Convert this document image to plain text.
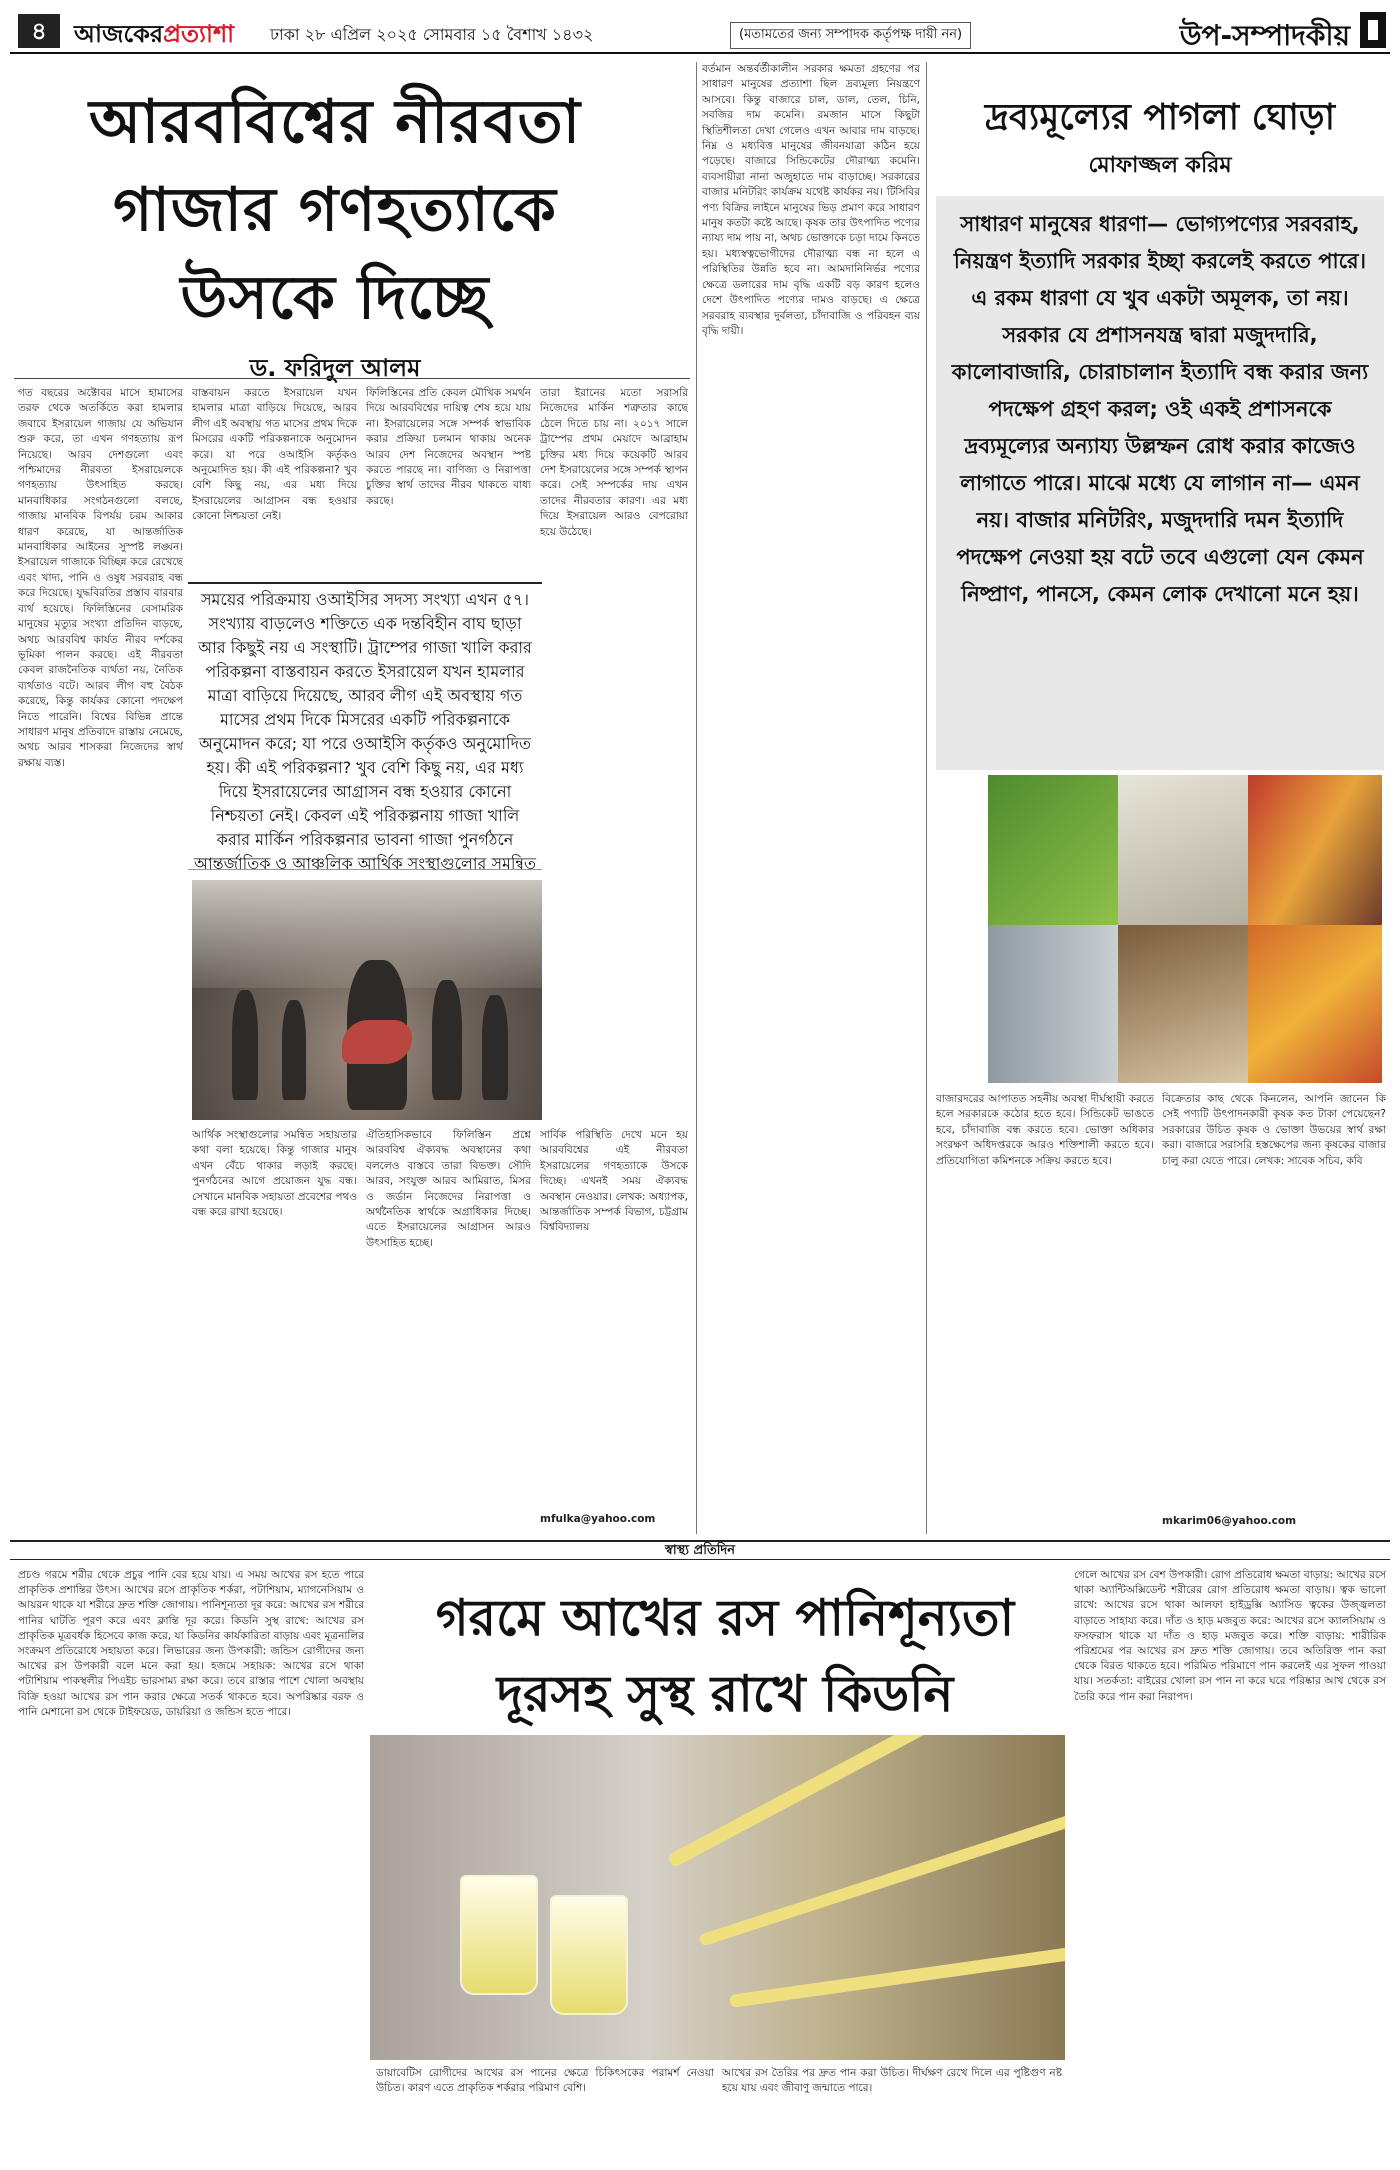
৪	আজকেরপ্রত্যাশা ঢাকা ২৮ এপ্রিল ২০২৫ সোমবার ১৫ বৈশাখ ১৪৩২	(মতামতের জন্য সম্পাদক কর্তৃপক্ষ দায়ী নন)	উপ-সম্পাদকীয়
আরববিশ্বের নীরবতা
গাজার গণহত্যাকে
উসকে দিচ্ছে
ড. ফরিদুল আলম
গত বছরের অক্টোবর মাসে হামাসের তরফ থেকে অতর্কিতে করা হামলার জবাবে ইসরায়েল গাজায় যে অভিযান শুরু করে, তা এখন গণহত্যায় রূপ নিয়েছে। আরব দেশগুলো এবং পশ্চিমাদের নীরবতা ইসরায়েলকে গণহত্যায় উৎসাহিত করছে। মানবাধিকার সংগঠনগুলো বলছে, গাজায় মানবিক বিপর্যয় চরম আকার ধারণ করেছে, যা আন্তর্জাতিক মানবাধিকার আইনের সুস্পষ্ট লঙ্ঘন। ইসরায়েল গাজাকে বিচ্ছিন্ন করে রেখেছে এবং খাদ্য, পানি ও ওষুধ সরবরাহ বন্ধ করে দিয়েছে। যুদ্ধবিরতির প্রস্তাব বারবার ব্যর্থ হয়েছে। ফিলিস্তিনের বেসামরিক মানুষের মৃত্যুর সংখ্যা প্রতিদিন বাড়ছে, অথচ আরববিশ্ব কার্যত নীরব দর্শকের ভূমিকা পালন করছে। এই নীরবতা কেবল রাজনৈতিক ব্যর্থতা নয়, নৈতিক ব্যর্থতাও বটে। আরব লীগ বহু বৈঠক করেছে, কিন্তু কার্যকর কোনো পদক্ষেপ নিতে পারেনি। বিশ্বের বিভিন্ন প্রান্তে সাধারণ মানুষ প্রতিবাদে রাস্তায় নেমেছে, অথচ আরব শাসকরা নিজেদের স্বার্থ রক্ষায় ব্যস্ত।
বাস্তবায়ন করতে ইসরায়েল যখন হামলার মাত্রা বাড়িয়ে দিয়েছে, আরব লীগ এই অবস্থায় গত মাসের প্রথম দিকে মিসরের একটি পরিকল্পনাকে অনুমোদন করে। যা পরে ওআইসি কর্তৃকও অনুমোদিত হয়। কী এই পরিকল্পনা? খুব বেশি কিছু নয়, এর মধ্য দিয়ে ইসরায়েলের আগ্রাসন বন্ধ হওয়ার কোনো নিশ্চয়তা নেই।
ফিলিস্তিনের প্রতি কেবল মৌখিক সমর্থন দিয়ে আরববিশ্বের দায়িত্ব শেষ হয়ে যায় না। ইসরায়েলের সঙ্গে সম্পর্ক স্বাভাবিক করার প্রক্রিয়া চলমান থাকায় অনেক আরব দেশ নিজেদের অবস্থান স্পষ্ট করতে পারছে না। বাণিজ্য ও নিরাপত্তা চুক্তির স্বার্থ তাদের নীরব থাকতে বাধ্য করছে।
তারা ইরানের মতো সরাসরি নিজেদের মার্কিন শত্রুতার কাছে ঠেলে দিতে চায় না। ২০১৭ সালে ট্রাম্পের প্রথম মেয়াদে আব্রাহাম চুক্তির মধ্য দিয়ে কয়েকটি আরব দেশ ইসরায়েলের সঙ্গে সম্পর্ক স্থাপন করে। সেই সম্পর্কের দায় এখন তাদের নীরবতার কারণ। এর মধ্য দিয়ে ইসরায়েল আরও বেপরোয়া হয়ে উঠেছে।
সময়ের পরিক্রমায় ওআইসির সদস্য সংখ্যা এখন ৫৭। সংখ্যায় বাড়লেও শক্তিতে এক দন্তবিহীন বাঘ ছাড়া আর কিছুই নয় এ সংস্থাটি। ট্রাম্পের গাজা খালি করার পরিকল্পনা বাস্তবায়ন করতে ইসরায়েল যখন হামলার মাত্রা বাড়িয়ে দিয়েছে, আরব লীগ এই অবস্থায় গত মাসের প্রথম দিকে মিসরের একটি পরিকল্পনাকে অনুমোদন করে; যা পরে ওআইসি কর্তৃকও অনুমোদিত হয়। কী এই পরিকল্পনা? খুব বেশি কিছু নয়, এর মধ্য দিয়ে ইসরায়েলের আগ্রাসন বন্ধ হওয়ার কোনো নিশ্চয়তা নেই। কেবল এই পরিকল্পনায় গাজা খালি করার মার্কিন পরিকল্পনার ভাবনা গাজা পুনর্গঠনে আন্তর্জাতিক ও আঞ্চলিক আর্থিক সংস্থাগুলোর সমন্বিত
ঐতিহাসিকভাবে ফিলিস্তিন প্রশ্নে আরববিশ্ব ঐক্যবদ্ধ অবস্থানের কথা বললেও বাস্তবে তারা বিভক্ত। সৌদি আরব, সংযুক্ত আরব আমিরাত, মিসর ও জর্ডান নিজেদের নিরাপত্তা ও অর্থনৈতিক স্বার্থকে অগ্রাধিকার দিচ্ছে। এতে ইসরায়েলের আগ্রাসন আরও উৎসাহিত হচ্ছে।
আর্থিক সংস্থাগুলোর সমন্বিত সহায়তার কথা বলা হয়েছে। কিন্তু গাজার মানুষ এখন বেঁচে থাকার লড়াই করছে। পুনর্গঠনের আগে প্রয়োজন যুদ্ধ বন্ধ। সেখানে মানবিক সহায়তা প্রবেশের পথও বন্ধ করে রাখা হয়েছে।
সার্বিক পরিস্থিতি দেখে মনে হয় আরববিশ্বের এই নীরবতা ইসরায়েলের গণহত্যাকে উসকে দিচ্ছে। এখনই সময় ঐক্যবদ্ধ অবস্থান নেওয়ার। লেখক: অধ্যাপক, আন্তর্জাতিক সম্পর্ক বিভাগ, চট্টগ্রাম বিশ্ববিদ্যালয়
mfulka@yahoo.com
বর্তমান অন্তর্বর্তীকালীন সরকার ক্ষমতা গ্রহণের পর সাধারণ মানুষের প্রত্যাশা ছিল দ্রব্যমূল্য নিয়ন্ত্রণে আসবে। কিন্তু বাজারে চাল, ডাল, তেল, চিনি, সবজির দাম কমেনি। রমজান মাসে কিছুটা স্থিতিশীলতা দেখা গেলেও এখন আবার দাম বাড়ছে। নিম্ন ও মধ্যবিত্ত মানুষের জীবনযাত্রা কঠিন হয়ে পড়েছে। বাজারে সিন্ডিকেটের দৌরাত্ম্য কমেনি। ব্যবসায়ীরা নানা অজুহাতে দাম বাড়াচ্ছে। সরকারের বাজার মনিটরিং কার্যক্রম যথেষ্ট কার্যকর নয়। টিসিবির পণ্য বিক্রির লাইনে মানুষের ভিড় প্রমাণ করে সাধারণ মানুষ কতটা কষ্টে আছে। কৃষক তার উৎপাদিত পণ্যের ন্যায্য দাম পায় না, অথচ ভোক্তাকে চড়া দামে কিনতে হয়। মধ্যস্বত্বভোগীদের দৌরাত্ম্য বন্ধ না হলে এ পরিস্থিতির উন্নতি হবে না। আমদানিনির্ভর পণ্যের ক্ষেত্রে ডলারের দাম বৃদ্ধি একটি বড় কারণ হলেও দেশে উৎপাদিত পণ্যের দামও বাড়ছে। এ ক্ষেত্রে সরবরাহ ব্যবস্থার দুর্বলতা, চাঁদাবাজি ও পরিবহন ব্যয় বৃদ্ধি দায়ী।
দ্রব্যমূল্যের পাগলা ঘোড়া
মোফাজ্জল করিম
সাধারণ মানুষের ধারণা— ভোগ্যপণ্যের সরবরাহ, নিয়ন্ত্রণ ইত্যাদি সরকার ইচ্ছা করলেই করতে পারে। এ রকম ধারণা যে খুব একটা অমূলক, তা নয়। সরকার যে প্রশাসনযন্ত্র দ্বারা মজুদদারি, কালোবাজারি, চোরাচালান ইত্যাদি বন্ধ করার জন্য পদক্ষেপ গ্রহণ করল; ওই একই প্রশাসনকে দ্রব্যমূল্যের অন্যায্য উল্লম্ফন রোধ করার কাজেও লাগাতে পারে। মাঝে মধ্যে যে লাগান না— এমন নয়। বাজার মনিটরিং, মজুদদারি দমন ইত্যাদি পদক্ষেপ নেওয়া হয় বটে তবে এগুলো যেন কেমন নিষ্প্রাণ, পানসে, কেমন লোক দেখানো মনে হয়।
বাজারদরের আপাতত সহনীয় অবস্থা দীর্ঘস্থায়ী করতে হলে সরকারকে কঠোর হতে হবে। সিন্ডিকেট ভাঙতে হবে, চাঁদাবাজি বন্ধ করতে হবে। ভোক্তা অধিকার সংরক্ষণ অধিদপ্তরকে আরও শক্তিশালী করতে হবে। প্রতিযোগিতা কমিশনকে সক্রিয় করতে হবে।
বিক্রেতার কাছ থেকে কিনলেন, আপনি জানেন কি সেই পণ্যটি উৎপাদনকারী কৃষক কত টাকা পেয়েছেন? সরকারের উচিত কৃষক ও ভোক্তা উভয়ের স্বার্থ রক্ষা করা। বাজারে সরাসরি হস্তক্ষেপের জন্য কৃষকের বাজার চালু করা যেতে পারে। লেখক: সাবেক সচিব, কবি
mkarim06@yahoo.com
স্বাস্থ্য প্রতিদিন
প্রচণ্ড গরমে শরীর থেকে প্রচুর পানি বের হয়ে যায়। এ সময় আখের রস হতে পারে প্রাকৃতিক প্রশান্তির উৎস। আখের রসে প্রাকৃতিক শর্করা, পটাশিয়াম, ম্যাগনেসিয়াম ও আয়রন থাকে যা শরীরে দ্রুত শক্তি জোগায়। পানিশূন্যতা দূর করে: আখের রস শরীরে পানির ঘাটতি পূরণ করে এবং ক্লান্তি দূর করে। কিডনি সুস্থ রাখে: আখের রস প্রাকৃতিক মূত্রবর্ধক হিসেবে কাজ করে, যা কিডনির কার্যকারিতা বাড়ায় এবং মূত্রনালির সংক্রমণ প্রতিরোধে সহায়তা করে। লিভারের জন্য উপকারী: জন্ডিস রোগীদের জন্য আখের রস উপকারী বলে মনে করা হয়। হজমে সহায়ক: আখের রসে থাকা পটাশিয়াম পাকস্থলীর পিএইচ ভারসাম্য রক্ষা করে। তবে রাস্তার পাশে খোলা অবস্থায় বিক্রি হওয়া আখের রস পান করার ক্ষেত্রে সতর্ক থাকতে হবে। অপরিষ্কার বরফ ও পানি মেশানো রস থেকে টাইফয়েড, ডায়রিয়া ও জন্ডিস হতে পারে।
গরমে আখের রস পানিশূন্যতা
দূরসহ সুস্থ রাখে কিডনি
ডায়াবেটিস রোগীদের আখের রস পানের ক্ষেত্রে চিকিৎসকের পরামর্শ নেওয়া উচিত। কারণ এতে প্রাকৃতিক শর্করার পরিমাণ বেশি।
আখের রস তৈরির পর দ্রুত পান করা উচিত। দীর্ঘক্ষণ রেখে দিলে এর পুষ্টিগুণ নষ্ট হয়ে যায় এবং জীবাণু জন্মাতে পারে।
গেলে আখের রস বেশ উপকারী। রোগ প্রতিরোধ ক্ষমতা বাড়ায়: আখের রসে থাকা অ্যান্টিঅক্সিডেন্ট শরীরের রোগ প্রতিরোধ ক্ষমতা বাড়ায়। ত্বক ভালো রাখে: আখের রসে থাকা আলফা হাইড্রক্সি অ্যাসিড ত্বকের উজ্জ্বলতা বাড়াতে সাহায্য করে। দাঁত ও হাড় মজবুত করে: আখের রসে ক্যালসিয়াম ও ফসফরাস থাকে যা দাঁত ও হাড় মজবুত করে। শক্তি বাড়ায়: শারীরিক পরিশ্রমের পর আখের রস দ্রুত শক্তি জোগায়। তবে অতিরিক্ত পান করা থেকে বিরত থাকতে হবে। পরিমিত পরিমাণে পান করলেই এর সুফল পাওয়া যায়। সতর্কতা: বাইরের খোলা রস পান না করে ঘরে পরিষ্কার আখ থেকে রস তৈরি করে পান করা নিরাপদ।
